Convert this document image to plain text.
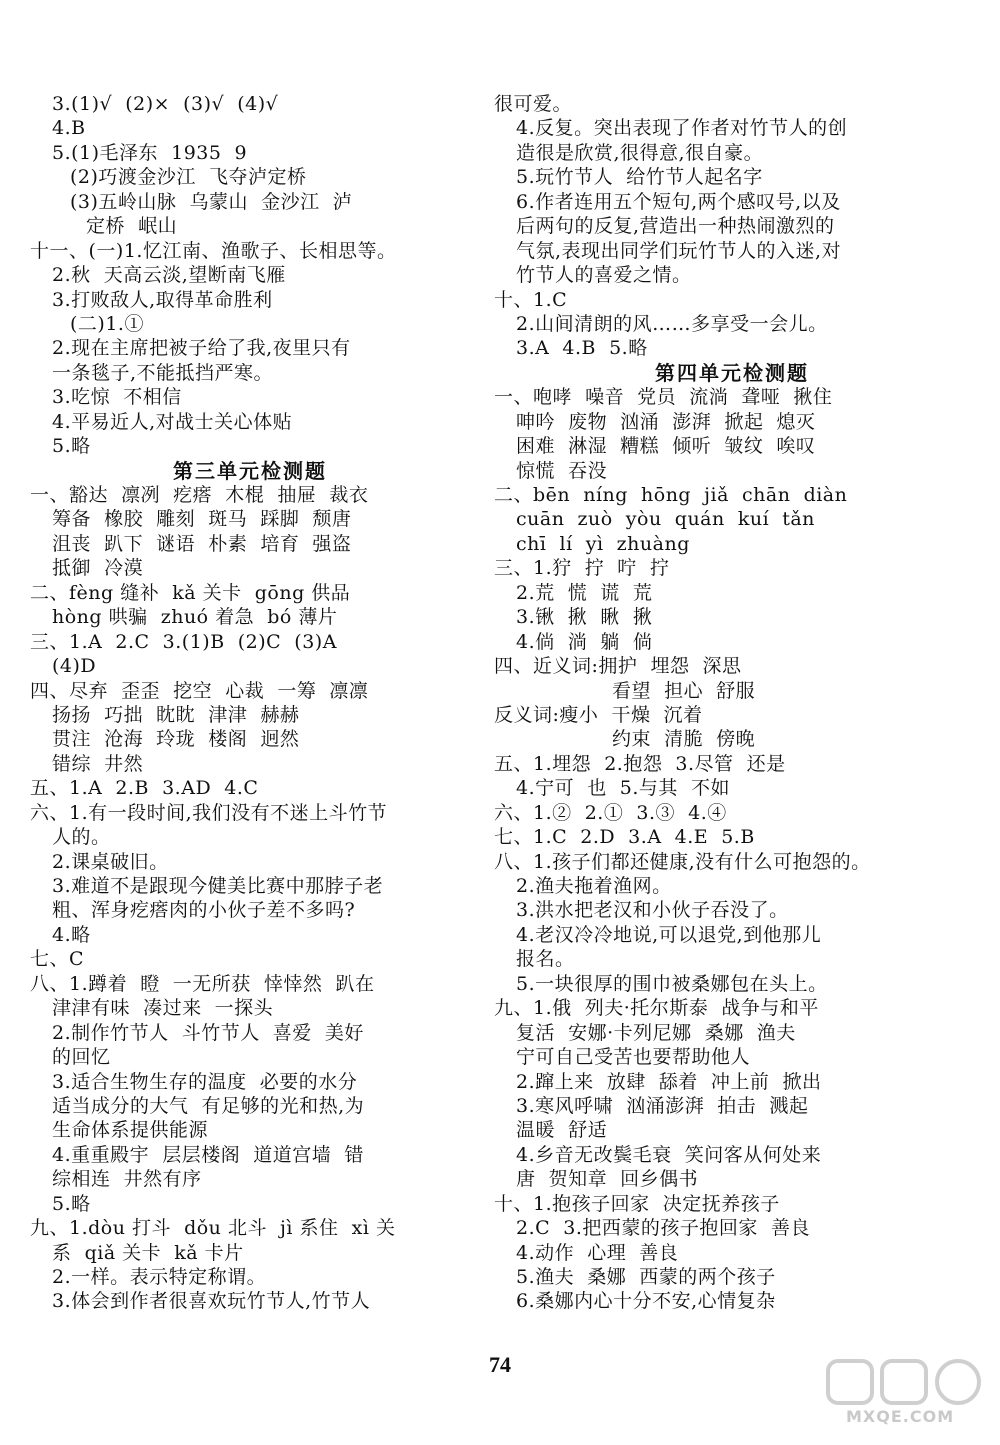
3.(1)√  (2)×  (3)√  (4)√
4.B
5.(1)毛泽东  1935  9
(2)巧渡金沙江  飞夺泸定桥
(3)五岭山脉  乌蒙山  金沙江  泸
定桥  岷山
十一、(一)1.忆江南、渔歌子、长相思等。
2.秋  天高云淡,望断南飞雁
3.打败敌人,取得革命胜利
(二)1.①
2.现在主席把被子给了我,夜里只有
一条毯子,不能抵挡严寒。
3.吃惊  不相信
4.平易近人,对战士关心体贴
5.略
第三单元检测题
一、豁达  凛冽  疙瘩  木棍  抽屉  裁衣
筹备  橡胶  雕刻  斑马  踩脚  颓唐
沮丧  趴下  谜语  朴素  培育  强盗
抵御  冷漠
二、fèng 缝补  kǎ 关卡  gōng 供品
hòng 哄骗  zhuó 着急  bó 薄片
三、1.A  2.C  3.(1)B  (2)C  (3)A
(4)D
四、尽弃  歪歪  挖空  心裁  一筹  凛凛
扬扬  巧拙  眈眈  津津  赫赫
贯注  沧海  玲珑  楼阁  迥然
错综  井然
五、1.A  2.B  3.AD  4.C
六、1.有一段时间,我们没有不迷上斗竹节
人的。
2.课桌破旧。
3.难道不是跟现今健美比赛中那脖子老
粗、浑身疙瘩肉的小伙子差不多吗?
4.略
七、C
八、1.蹲着  瞪  一无所获  悻悻然  趴在
津津有味  凑过来  一探头
2.制作竹节人  斗竹节人  喜爱  美好
的回忆
3.适合生物生存的温度  必要的水分
适当成分的大气  有足够的光和热,为
生命体系提供能源
4.重重殿宇  层层楼阁  道道宫墙  错
综相连  井然有序
5.略
九、1.dòu 打斗  dǒu 北斗  jì 系住  xì 关
系  qiǎ 关卡  kǎ 卡片
2.一样。表示特定称谓。
3.体会到作者很喜欢玩竹节人,竹节人
很可爱。
4.反复。突出表现了作者对竹节人的创
造很是欣赏,很得意,很自豪。
5.玩竹节人  给竹节人起名字
6.作者连用五个短句,两个感叹号,以及
后两句的反复,营造出一种热闹激烈的
气氛,表现出同学们玩竹节人的入迷,对
竹节人的喜爱之情。
十、1.C
2.山间清朗的风……多享受一会儿。
3.A  4.B  5.略
第四单元检测题
一、咆哮  噪音  党员  流淌  聋哑  揪住
呻吟  废物  汹涌  澎湃  掀起  熄灭
困难  淋湿  糟糕  倾听  皱纹  唉叹
惊慌  吞没
二、bēn  níng  hōng  jiǎ  chān  diàn
cuān  zuò  yòu  quán  kuí  tǎn
chī  lí  yì  zhuàng
三、1.狞  拧  咛  拧
2.荒  慌  谎  荒
3.锹  揪  瞅  揪
4.倘  淌  躺  倘
四、近义词:拥护  埋怨  深思
看望  担心  舒服
反义词:瘦小  干燥  沉着
约束  清脆  傍晚
五、1.埋怨  2.抱怨  3.尽管  还是
4.宁可  也  5.与其  不如
六、1.②  2.①  3.③  4.④
七、1.C  2.D  3.A  4.E  5.B
八、1.孩子们都还健康,没有什么可抱怨的。
2.渔夫拖着渔网。
3.洪水把老汉和小伙子吞没了。
4.老汉冷冷地说,可以退党,到他那儿
报名。
5.一块很厚的围巾被桑娜包在头上。
九、1.俄  列夫·托尔斯泰  战争与和平
复活  安娜·卡列尼娜  桑娜  渔夫
宁可自己受苦也要帮助他人
2.蹿上来  放肆  舔着  冲上前  掀出
3.寒风呼啸  汹涌澎湃  拍击  溅起
温暖  舒适
4.乡音无改鬓毛衰  笑问客从何处来
唐  贺知章  回乡偶书
十、1.抱孩子回家  决定抚养孩子
2.C  3.把西蒙的孩子抱回家  善良
4.动作  心理  善良
5.渔夫  桑娜  西蒙的两个孩子
6.桑娜内心十分不安,心情复杂
74
MXQE.COM
